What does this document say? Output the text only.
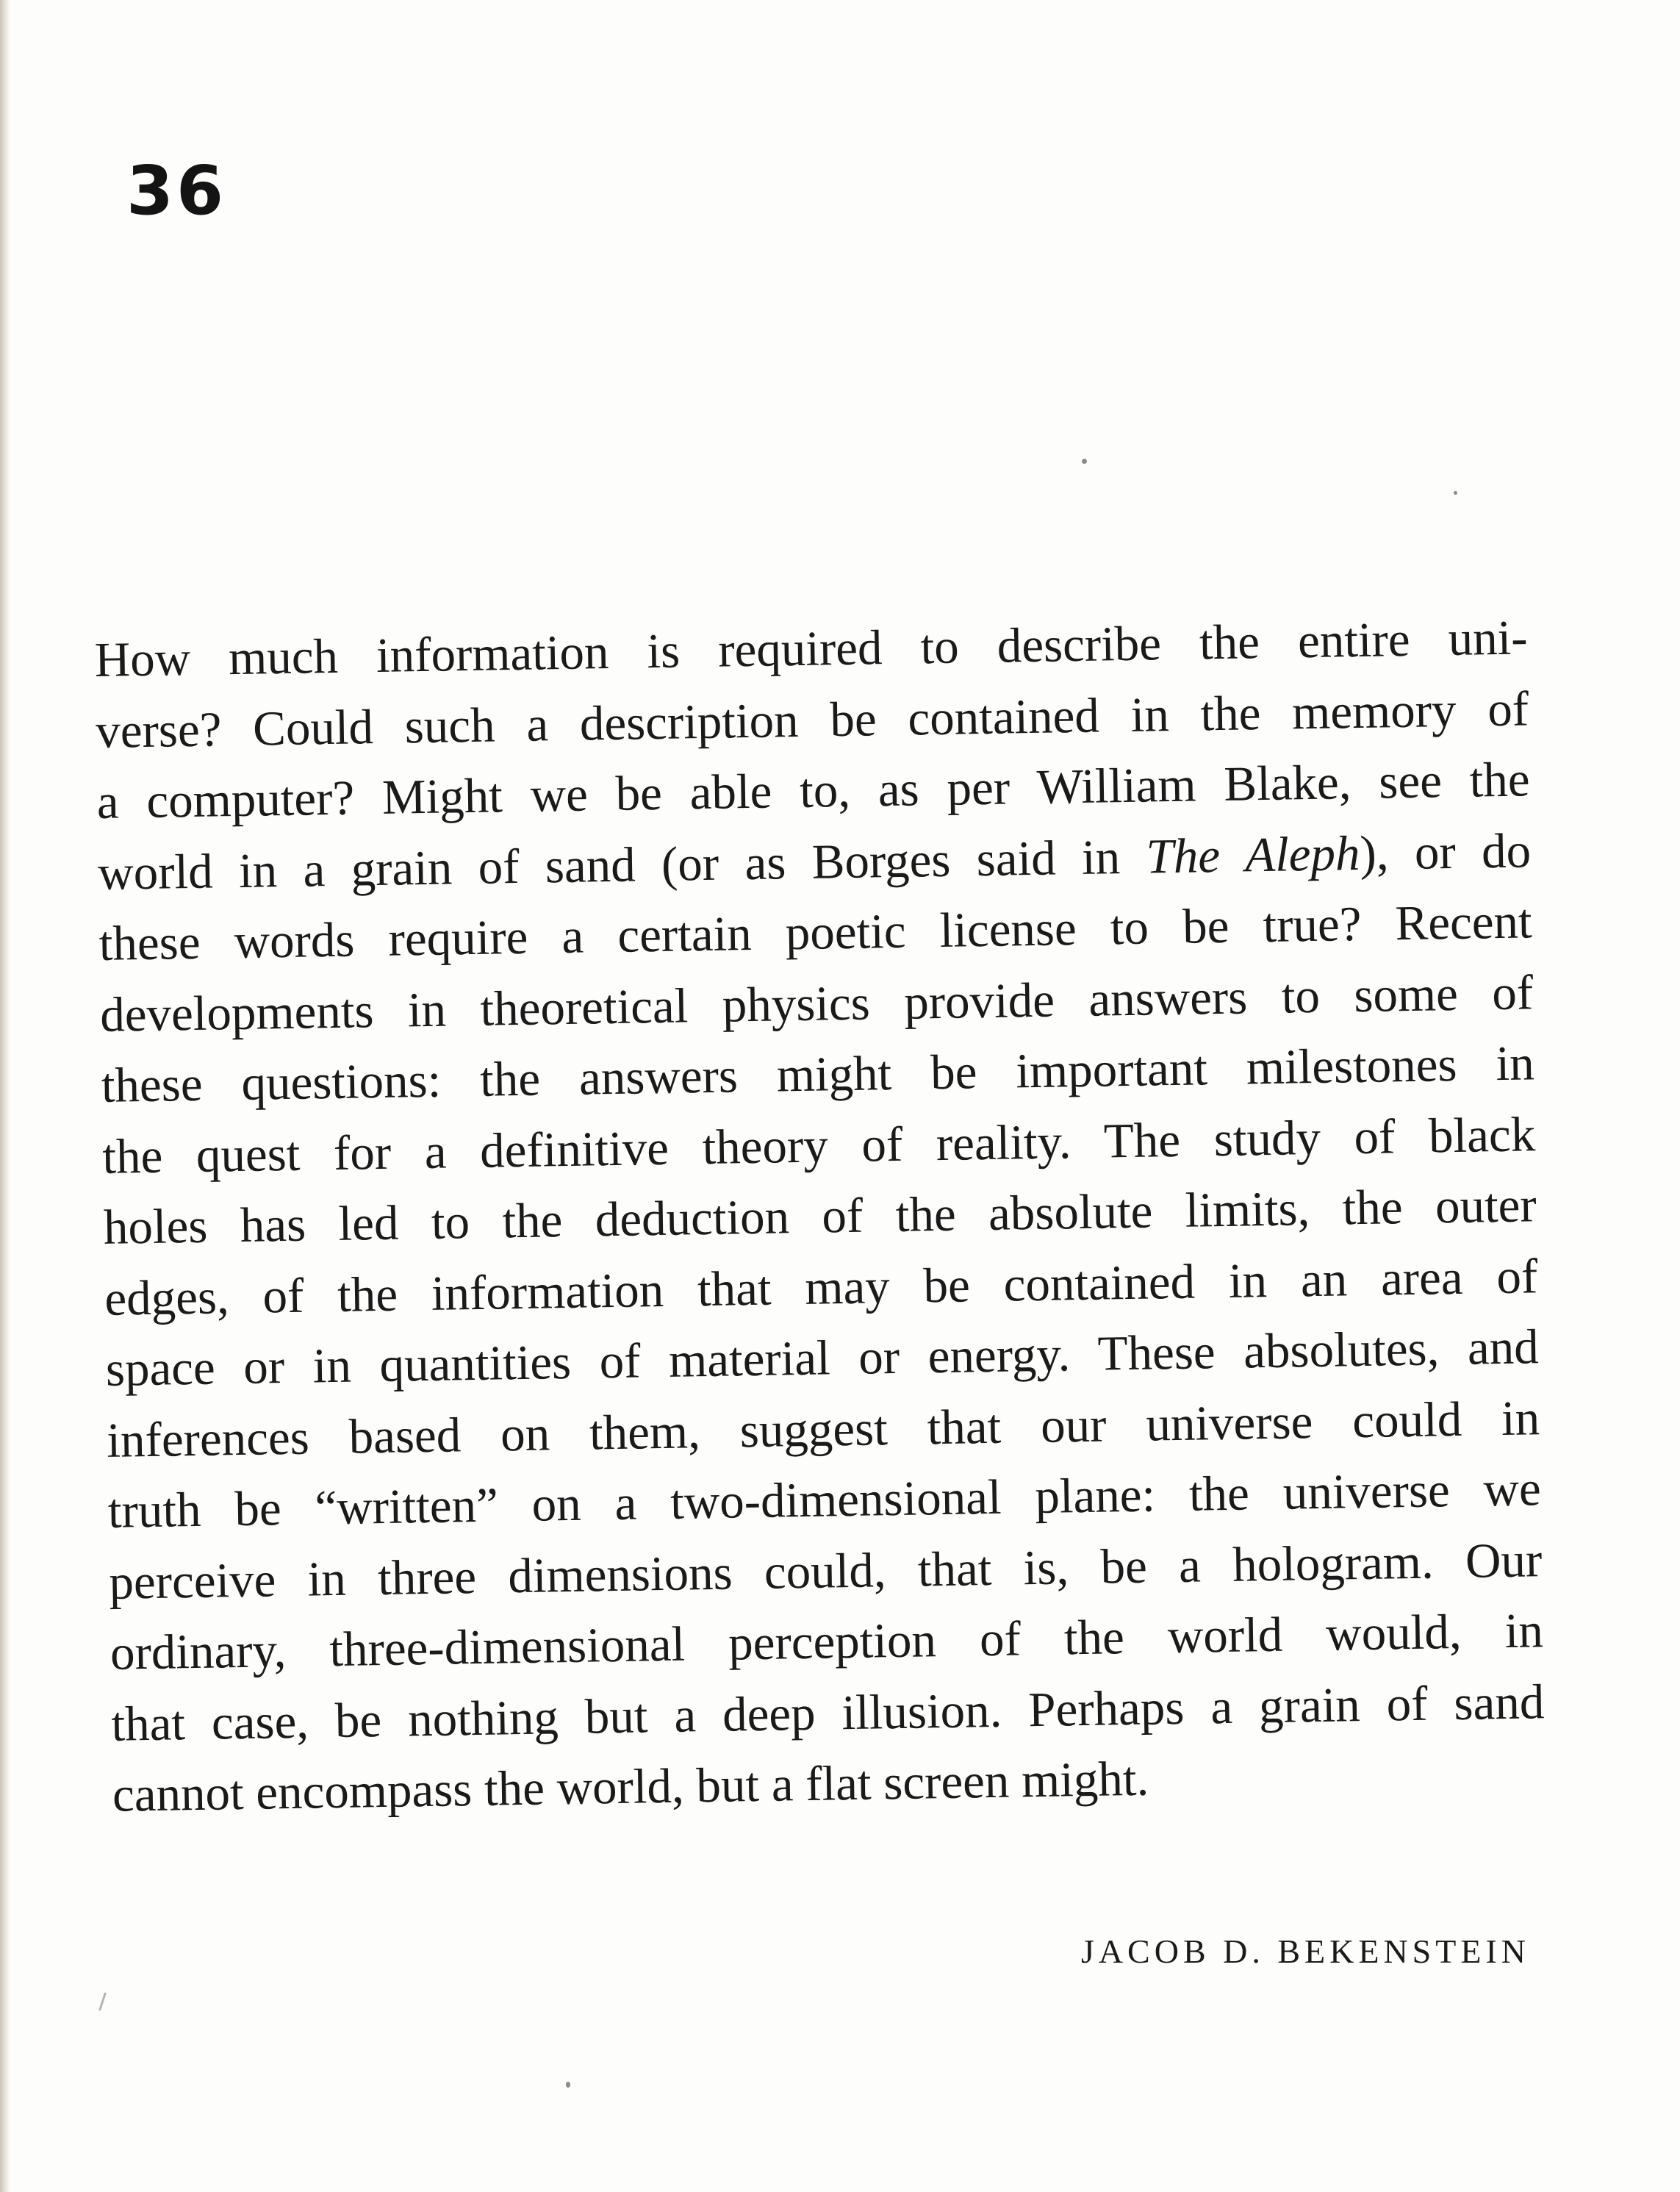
36
How much information is required to describe the entire uni-
verse? Could such a description be contained in the memory of
a computer? Might we be able to, as per William Blake, see the
world in a grain of sand (or as Borges said in The Aleph), or do
these words require a certain poetic license to be true? Recent
developments in theoretical physics provide answers to some of
these questions: the answers might be important milestones in
the quest for a definitive theory of reality. The study of black
holes has led to the deduction of the absolute limits, the outer
edges, of the information that may be contained in an area of
space or in quantities of material or energy. These absolutes, and
inferences based on them, suggest that our universe could in
truth be “written” on a two-dimensional plane: the universe we
perceive in three dimensions could, that is, be a hologram. Our
ordinary, three-dimensional perception of the world would, in
that case, be nothing but a deep illusion. Perhaps a grain of sand
cannot encompass the world, but a flat screen might.
JACOB D. BEKENSTEIN
